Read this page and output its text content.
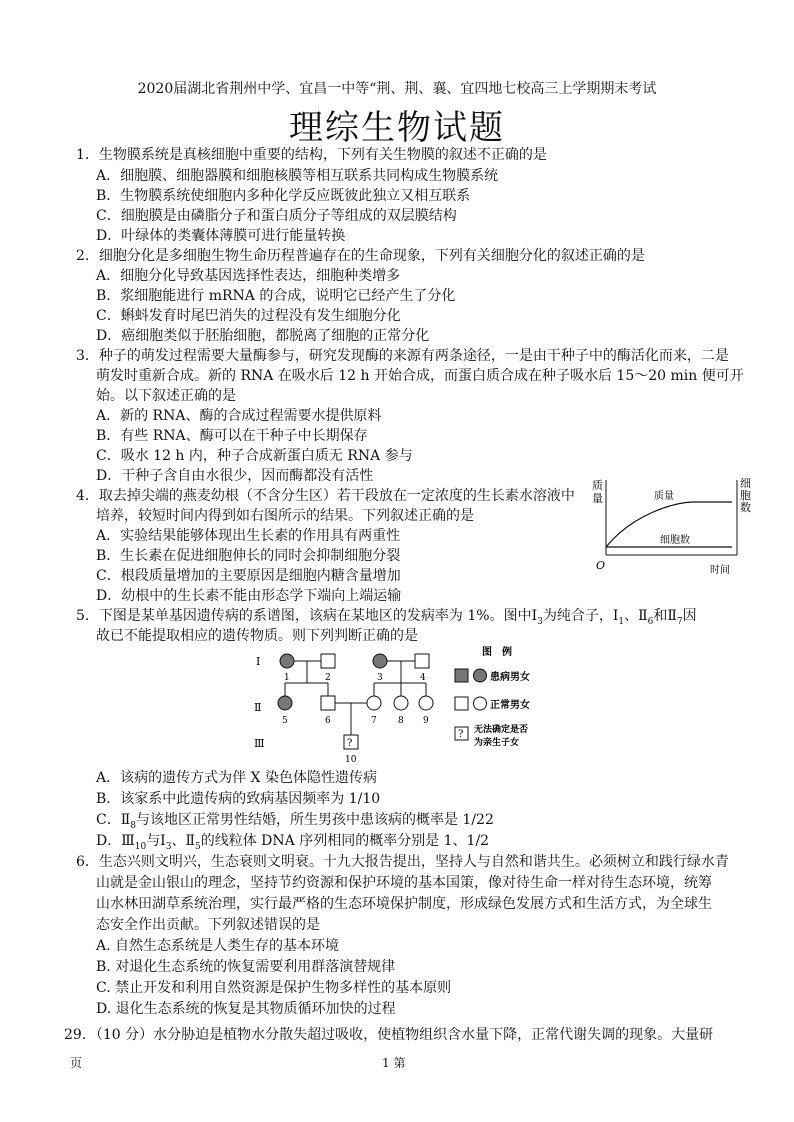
2020届湖北省荆州中学、宜昌一中等“荆、荆、襄、宜四地七校高三上学期期末考试
理综生物试题
1．生物膜系统是真核细胞中重要的结构，下列有关生物膜的叙述不正确的是
A．细胞膜、细胞器膜和细胞核膜等相互联系共同构成生物膜系统
B．生物膜系统使细胞内多种化学反应既彼此独立又相互联系
C．细胞膜是由磷脂分子和蛋白质分子等组成的双层膜结构
D．叶绿体的类囊体薄膜可进行能量转换
2．细胞分化是多细胞生物生命历程普遍存在的生命现象，下列有关细胞分化的叙述正确的是
A．细胞分化导致基因选择性表达，细胞种类增多
B．浆细胞能进行 mRNA 的合成，说明它已经产生了分化
C．蝌蚪发育时尾巴消失的过程没有发生细胞分化
D．癌细胞类似于胚胎细胞，都脱离了细胞的正常分化
3．种子的萌发过程需要大量酶参与，研究发现酶的来源有两条途径，一是由干种子中的酶活化而来，二是
萌发时重新合成。新的 RNA 在吸水后 12 h 开始合成，而蛋白质合成在种子吸水后 15～20 min 便可开
始。以下叙述正确的是
A．新的 RNA、酶的合成过程需要水提供原料
B．有些 RNA、酶可以在干种子中长期保存
C．吸水 12 h 内，种子合成新蛋白质无 RNA 参与
D．干种子含自由水很少，因而酶都没有活性
4．取去掉尖端的燕麦幼根（不含分生区）若干段放在一定浓度的生长素水溶液中
培养，较短时间内得到如右图所示的结果。下列叙述正确的是
A．实验结果能够体现出生长素的作用具有两重性
B．生长素在促进细胞伸长的同时会抑制细胞分裂
C．根段质量增加的主要原因是细胞内糖含量增加
D．幼根中的生长素不能由形态学下端向上端运输
质
量
细
胞
数
质量
细胞数
O	时间
5．下图是某单基因遗传病的系谱图，该病在某地区的发病率为 1%。图中$Ⅰ_3$为纯合子，$Ⅰ_1$、$Ⅱ_6$和$Ⅱ_7$因
故已不能提取相应的遗传物质。则下列判断正确的是
Ⅰ
Ⅱ
Ⅲ
1	2	3	4
5	6	7 8 9
?
10
图　例
患病男女
正常男女
? 无法确定是否
为亲生子女
A．该病的遗传方式为伴 X 染色体隐性遗传病
B．该家系中此遗传病的致病基因频率为 1/10
C．$Ⅱ_8$与该地区正常男性结婚，所生男孩中患该病的概率是 1/22
D．$Ⅲ_{10}$与$Ⅰ_3$、$Ⅱ_5$的线粒体 DNA 序列相同的概率分别是 1、1/2
6．生态兴则文明兴，生态衰则文明衰。十九大报告提出，坚持人与自然和谐共生。必须树立和践行绿水青
山就是金山银山的理念，坚持节约资源和保护环境的基本国策，像对待生命一样对待生态环境，统筹
山水林田湖草系统治理，实行最严格的生态环境保护制度，形成绿色发展方式和生活方式，为全球生
态安全作出贡献。下列叙述错误的是
A. 自然生态系统是人类生存的基本环境
B. 对退化生态系统的恢复需要利用群落演替规律
C. 禁止开发和利用自然资源是保护生物多样性的基本原则
D. 退化生态系统的恢复是其物质循环加快的过程
29．（10 分）水分胁迫是植物水分散失超过吸收，使植物组织含水量下降，正常代谢失调的现象。大量研
页	1 第
